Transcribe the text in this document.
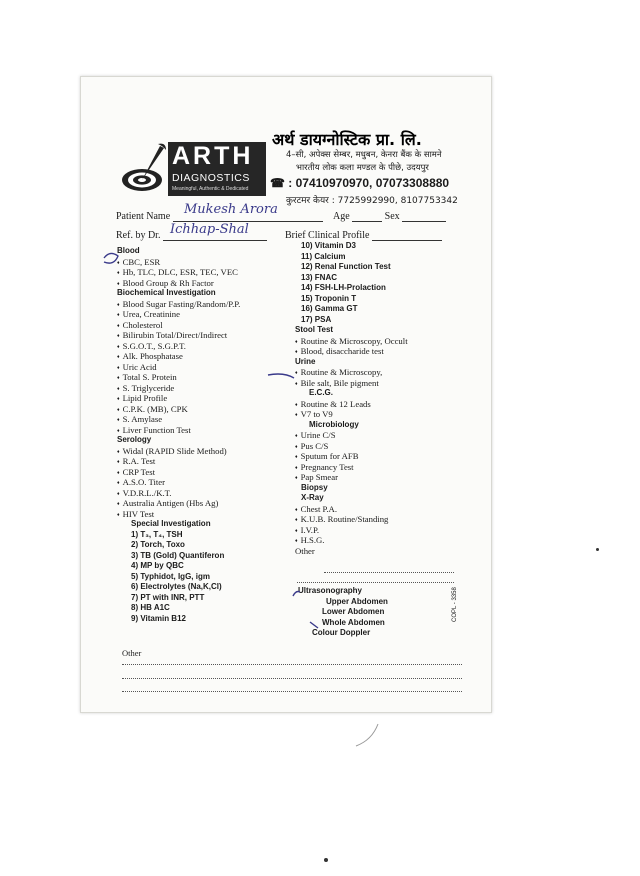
ARTH
DIAGNOSTICS
Meaningful, Authentic & Dedicated
अर्थ डायग्नोस्टिक प्रा. लि.
4–सी, अपेक्स सेम्बर, मधुबन, केनरा बैंक के सामने
भारतीय लोक कला मण्डल के पीछे, उदयपुर
☎ : 07410970970, 07073308880
कुरटमर केयर : 7725992990, 8107753342
Patient Name	Mukesh Arora	Age	Sex
Ref. by Dr. Ichhap-Shal	Brief Clinical Profile
Blood
♦ CBC, ESR
♦ Hb, TLC, DLC, ESR, TEC, VEC
♦ Blood Group & Rh Factor
Biochemical Investigation
♦ Blood Sugar Fasting/Random/P.P.
♦ Urea, Creatinine
♦ Cholesterol
♦ Bilirubin Total/Direct/Indirect
♦ S.G.O.T., S.G.P.T.
♦ Alk. Phosphatase
♦ Uric Acid
♦ Total S. Protein
♦ S. Triglyceride
♦ Lipid Profile
♦ C.P.K. (MB), CPK
♦ S. Amylase
♦ Liver Function Test
Serology
♦ Widal (RAPID Slide Method)
♦ R.A. Test
♦ CRP Test
♦ A.S.O. Titer
♦ V.D.R.L./K.T.
♦ Australia Antigen (Hbs Ag)
♦ HIV Test
Special Investigation
1) T₃, T₄, TSH
2) Torch, Toxo
3) TB (Gold) Quantiferon
4) MP by QBC
5) Typhidot, IgG, igm
6) Electrolytes (Na,K,Cl)
7) PT with INR, PTT
8) HB A1C
9) Vitamin B12
10) Vitamin D3
11) Calcium
12) Renal Function Test
13) FNAC
14) FSH-LH-Prolaction
15) Troponin T
16) Gamma GT
17) PSA
Stool Test
♦ Routine & Microscopy, Occult
♦ Blood, disaccharide test
Urine
♦ Routine & Microscopy,
♦ Bile salt, Bile pigment
E.C.G.
♦ Routine & 12 Leads
♦ V7 to V9
Microbiology
♦ Urine C/S
♦ Pus C/S
♦ Sputum for AFB
♦ Pregnancy Test
♦ Pap Smear
Biopsy
X-Ray
♦ Chest P.A.
♦ K.U.B. Routine/Standing
♦ I.V.P.
♦ H.S.G.
Other
Ultrasonography
Upper Abdomen
Lower Abdomen
Whole Abdomen
Colour Doppler
Other
COPL - 3358
